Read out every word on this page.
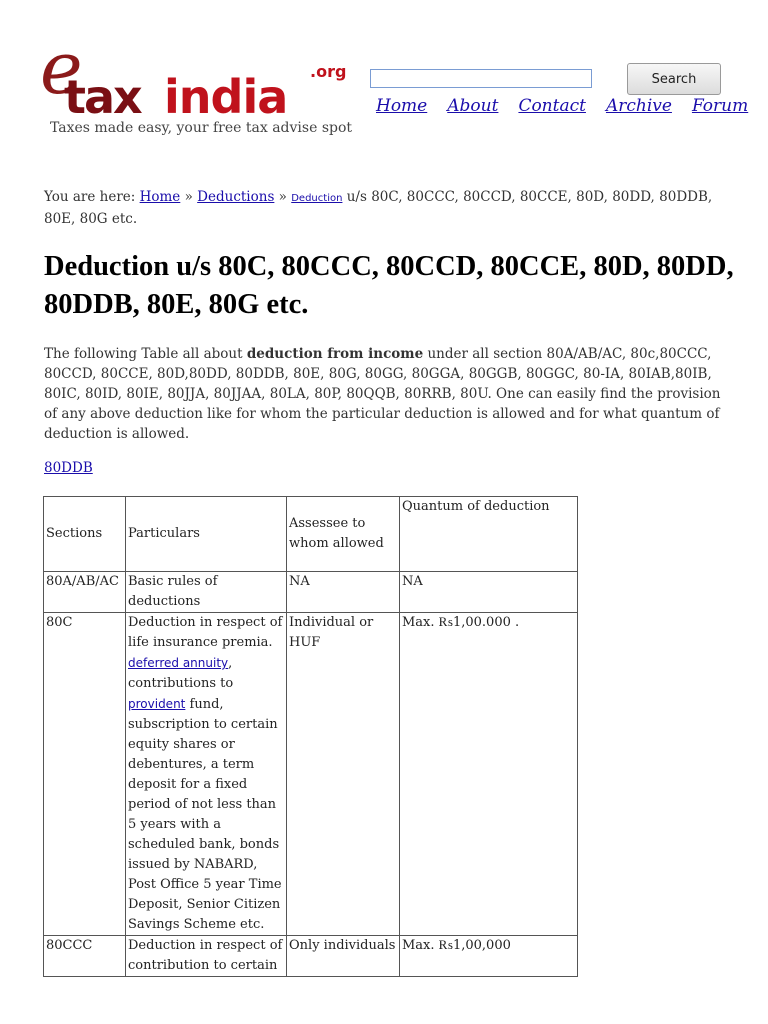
e
tax india .org
Taxes made easy, your free tax advise spot
Search
Home About Contact Archive Forum
You are here: Home » Deductions » Deduction u/s 80C, 80CCC, 80CCD, 80CCE, 80D, 80DD, 80DDB, 80E, 80G etc.
Deduction u/s 80C, 80CCC, 80CCD, 80CCE, 80D, 80DD, 80DDB, 80E, 80G etc.

The following Table all about deduction from income under all section 80A/AB/AC, 80c,80CCC, 80CCD, 80CCE, 80D,80DD, 80DDB, 80E, 80G, 80GG, 80GGA, 80GGB, 80GGC, 80-IA, 80IAB,80IB, 80IC, 80ID, 80IE, 80JJA, 80JJAA, 80LA, 80P, 80QQB, 80RRB, 80U. One can easily find the provision of any above deduction like for whom the particular deduction is allowed and for what quantum of deduction is allowed.

80DDB
Sections	Particulars	Assessee to whom allowed	Quantum of deduction
80A/AB/AC	Basic rules of deductions	NA	NA
80C	Deduction in respect of life insurance premia. deferred annuity, contributions to provident fund, subscription to certain equity shares or debentures, a term deposit for a fixed period of not less than 5 years with a scheduled bank, bonds issued by NABARD, Post Office 5 year Time Deposit, Senior Citizen Savings Scheme etc.	Individual or HUF	Max. ₨1,00.000 .
80CCC	Deduction in respect of contribution to certain	Only individuals	Max. ₨1,00,000
